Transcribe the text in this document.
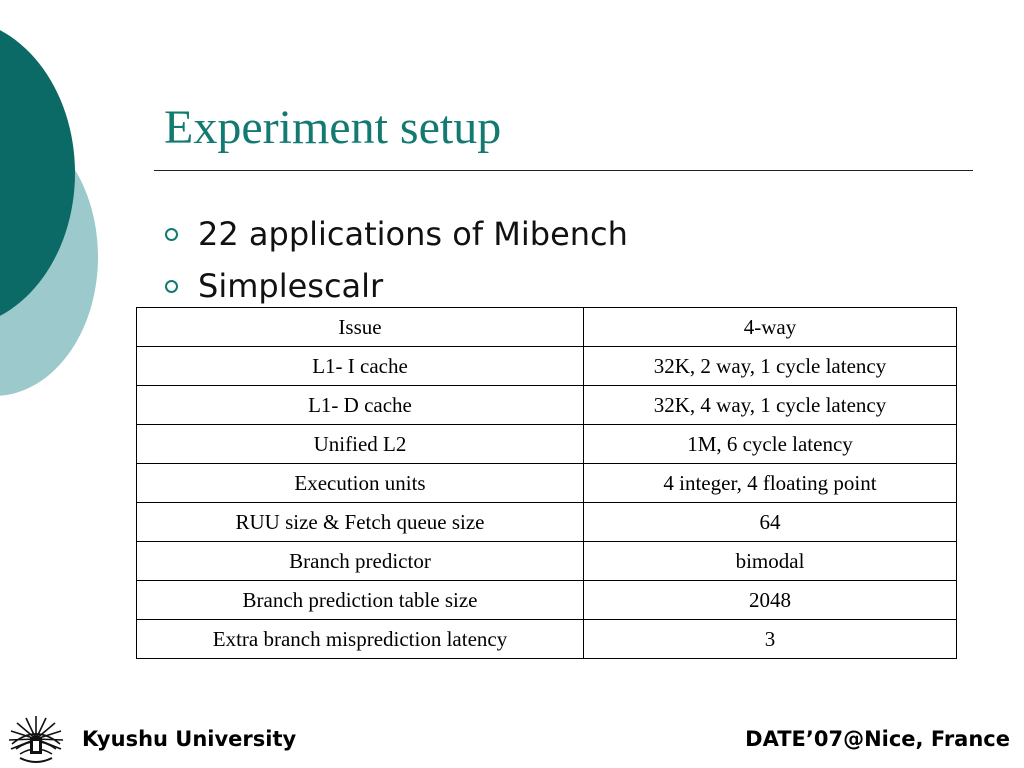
Experiment setup
22 applications of Mibench
Simplescalr
Issue	4-way
L1- I cache	32K, 2 way, 1 cycle latency
L1- D cache	32K, 4 way, 1 cycle latency
Unified L2	1M, 6 cycle latency
Execution units	4 integer, 4 floating point
RUU size & Fetch queue size	64
Branch predictor	bimodal
Branch prediction table size	2048
Extra branch misprediction latency	3
Kyushu University	DATE’07@Nice, France
